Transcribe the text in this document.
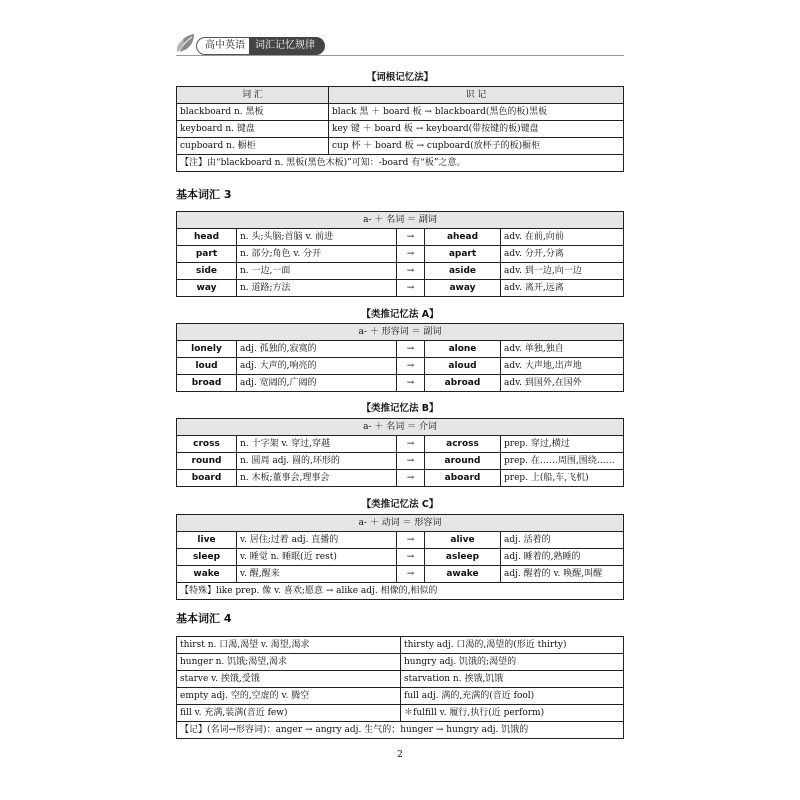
高中英语	词汇记忆规律
【词根记忆法】
词 汇	识 记
blackboard n. 黑板	black 黑 ＋ board 板 → blackboard(黑色的板)黑板
keyboard n. 键盘	key 键 ＋ board 板 → keyboard(带按键的板)键盘
cupboard n. 橱柜	cup 杯 ＋ board 板 → cupboard(放杯子的板)橱柜
【注】由“blackboard n. 黑板(黑色木板)”可知：-board 有“板”之意。	
基本词汇 3
a- ＋ 名词 ＝ 副词				
head	n. 头;头脑;首脑 v. 前进	→	ahead	adv. 在前,向前
part	n. 部分;角色 v. 分开	→	apart	adv. 分开,分离
side	n. 一边,一面	→	aside	adv. 到一边,向一边
way	n. 道路;方法	→	away	adv. 离开,远离
【类推记忆法 A】
a- ＋ 形容词 ＝ 副词				
lonely	adj. 孤独的,寂寞的	→	alone	adv. 单独,独自
loud	adj. 大声的,响亮的	→	aloud	adv. 大声地,出声地
broad	adj. 宽阔的,广阔的	→	abroad	adv. 到国外,在国外
【类推记忆法 B】
a- ＋ 名词 ＝ 介词				
cross	n. 十字架 v. 穿过,穿越	→	across	prep. 穿过,横过
round	n. 圆周 adj. 圆的,环形的	→	around	prep. 在……周围,围绕……
board	n. 木板;董事会,理事会	→	aboard	prep. 上(船,车,飞机)
【类推记忆法 C】
a- ＋ 动词 ＝ 形容词				
live	v. 居住;过着 adj. 直播的	→	alive	adj. 活着的
sleep	v. 睡觉 n. 睡眠(近 rest)	→	asleep	adj. 睡着的,熟睡的
wake	v. 醒,醒来	→	awake	adj. 醒着的 v. 唤醒,叫醒
【特殊】like prep. 像 v. 喜欢;愿意 → alike adj. 相像的,相似的				
基本词汇 4
thirst n. 口渴,渴望 v. 渴望,渴求	thirsty adj. 口渴的,渴望的(形近 thirty)
hunger n. 饥饿;渴望,渴求	hungry adj. 饥饿的;渴望的
starve v. 挨饿,受饿	starvation n. 挨饿,饥饿
empty adj. 空的,空虚的 v. 腾空	full adj. 满的,充满的(音近 fool)
fill v. 充满,装满(音近 few)	＊fulfill v. 履行,执行(近 perform)
【记】(名词→形容词)：anger → angry adj. 生气的；hunger → hungry adj. 饥饿的	
2
